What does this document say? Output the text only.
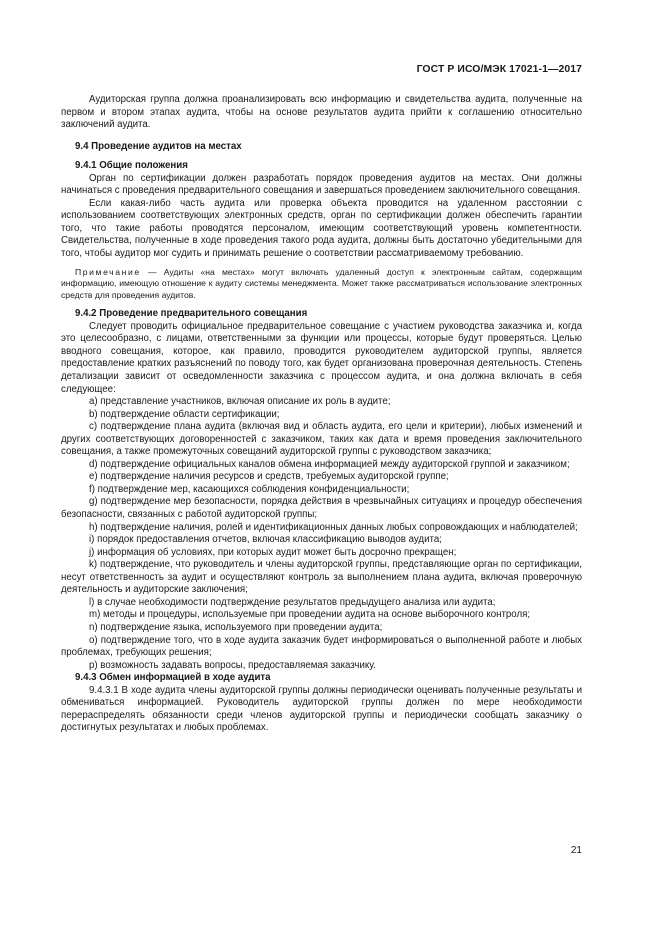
ГОСТ Р ИСО/МЭК 17021-1—2017

Аудиторская группа должна проанализировать всю информацию и свидетельства аудита, полученные на первом и втором этапах аудита, чтобы на основе результатов аудита прийти к соглашению относительно заключений аудита.

9.4 Проведение аудитов на местах

9.4.1 Общие положения

Орган по сертификации должен разработать порядок проведения аудитов на местах. Они должны начинаться с проведения предварительного совещания и завершаться проведением заключительного совещания.

Если какая-либо часть аудита или проверка объекта проводится на удаленном расстоянии с использованием соответствующих электронных средств, орган по сертификации должен обеспечить гарантии того, что такие работы проводятся персоналом, имеющим соответствующий уровень компетентности. Свидетельства, полученные в ходе проведения такого рода аудита, должны быть достаточно убедительными для того, чтобы аудитор мог судить и принимать решение о соответствии рассматриваемому требованию.

Примечание — Аудиты «на местах» могут включать удаленный доступ к электронным сайтам, содержащим информацию, имеющую отношение к аудиту системы менеджмента. Может также рассматриваться использование электронных средств для проведения аудитов.

9.4.2 Проведение предварительного совещания

Следует проводить официальное предварительное совещание с участием руководства заказчика и, когда это целесообразно, с лицами, ответственными за функции или процессы, которые будут проверяться. Целью вводного совещания, которое, как правило, проводится руководителем аудиторской группы, является предоставление кратких разъяснений по поводу того, как будет организована проверочная деятельность. Степень детализации зависит от осведомленности заказчика с процессом аудита, и она должна включать в себя следующее:

a) представление участников, включая описание их роль в аудите;

b) подтверждение области сертификации;

c) подтверждение плана аудита (включая вид и область аудита, его цели и критерии), любых изменений и других соответствующих договоренностей с заказчиком, таких как дата и время проведения заключительного совещания, а также промежуточных совещаний аудиторской группы с руководством заказчика;

d) подтверждение официальных каналов обмена информацией между аудиторской группой и заказчиком;

e) подтверждение наличия ресурсов и средств, требуемых аудиторской группе;

f) подтверждение мер, касающихся соблюдения конфиденциальности;

g) подтверждение мер безопасности, порядка действия в чрезвычайных ситуациях и процедур обеспечения безопасности, связанных с работой аудиторской группы;

h) подтверждение наличия, ролей и идентификационных данных любых сопровождающих и наблюдателей;

i) порядок предоставления отчетов, включая классификацию выводов аудита;

j) информация об условиях, при которых аудит может быть досрочно прекращен;

k) подтверждение, что руководитель и члены аудиторской группы, представляющие орган по сертификации, несут ответственность за аудит и осуществляют контроль за выполнением плана аудита, включая проверочную деятельность и аудиторские заключения;

l) в случае необходимости подтверждение результатов предыдущего анализа или аудита;

m) методы и процедуры, используемые при проведении аудита на основе выборочного контроля;

n) подтверждение языка, используемого при проведении аудита;

o) подтверждение того, что в ходе аудита заказчик будет информироваться о выполненной работе и любых проблемах, требующих решения;

p) возможность задавать вопросы, предоставляемая заказчику.

9.4.3 Обмен информацией в ходе аудита

9.4.3.1 В ходе аудита члены аудиторской группы должны периодически оценивать полученные результаты и обмениваться информацией. Руководитель аудиторской группы должен по мере необходимости перераспределять обязанности среди членов аудиторской группы и периодически сообщать заказчику о достигнутых результатах и любых проблемах.

21
